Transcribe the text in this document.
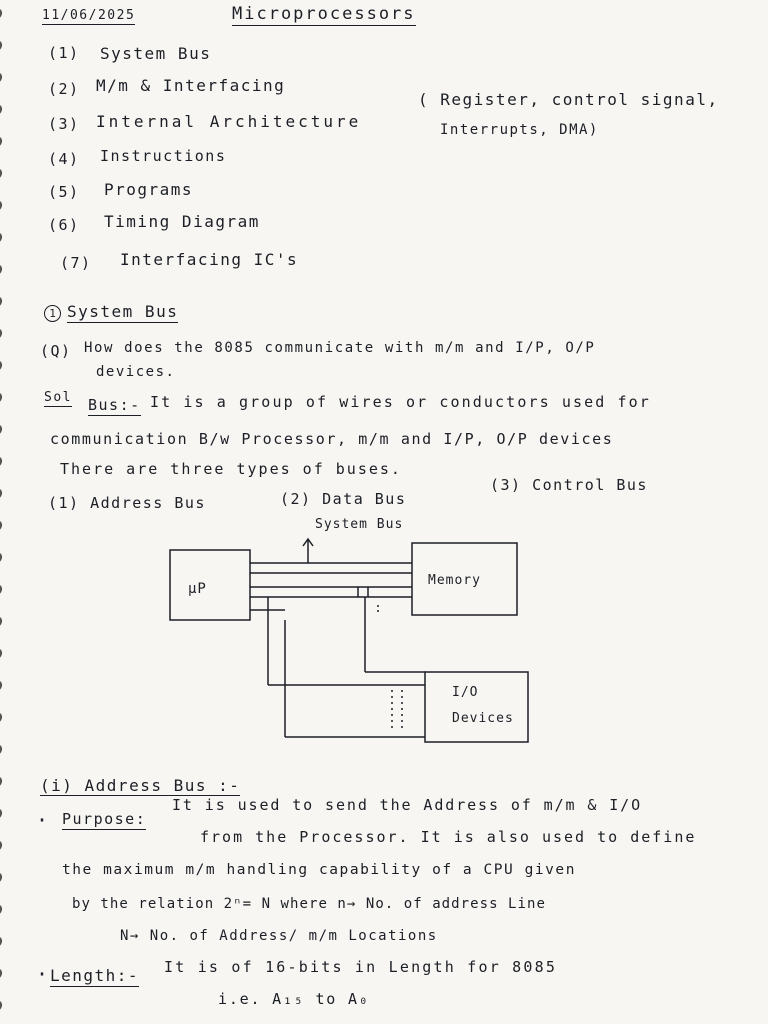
11/06/2025	Microprocessors
(1) System Bus
(2) M/m & Interfacing
(3) Internal Architecture
( Register, control signal,
Interrupts, DMA)
(4) Instructions
(5) Programs
(6) Timing Diagram
(7) Interfacing IC's
1 System Bus
(Q) How does the 8085 communicate with m/m and I/P, O/P
devices.
Sol Bus:- It is a group of wires or conductors used for
communication B/w Processor, m/m and I/P, O/P devices
There are three types of buses.
(1) Address Bus	(2) Data Bus
(3) Control Bus
System Bus
µP
Memory
I/O
Devices
(i) Address Bus :-
· Purpose:
It is used to send the Address of m/m & I/O
from the Processor. It is also used to define
the maximum m/m handling capability of a CPU given
by the relation 2ⁿ= N where n→ No. of address Line
N→ No. of Address/ m/m Locations
· Length:- It is of 16-bits in Length for 8085
i.e. A₁₅ to A₀
